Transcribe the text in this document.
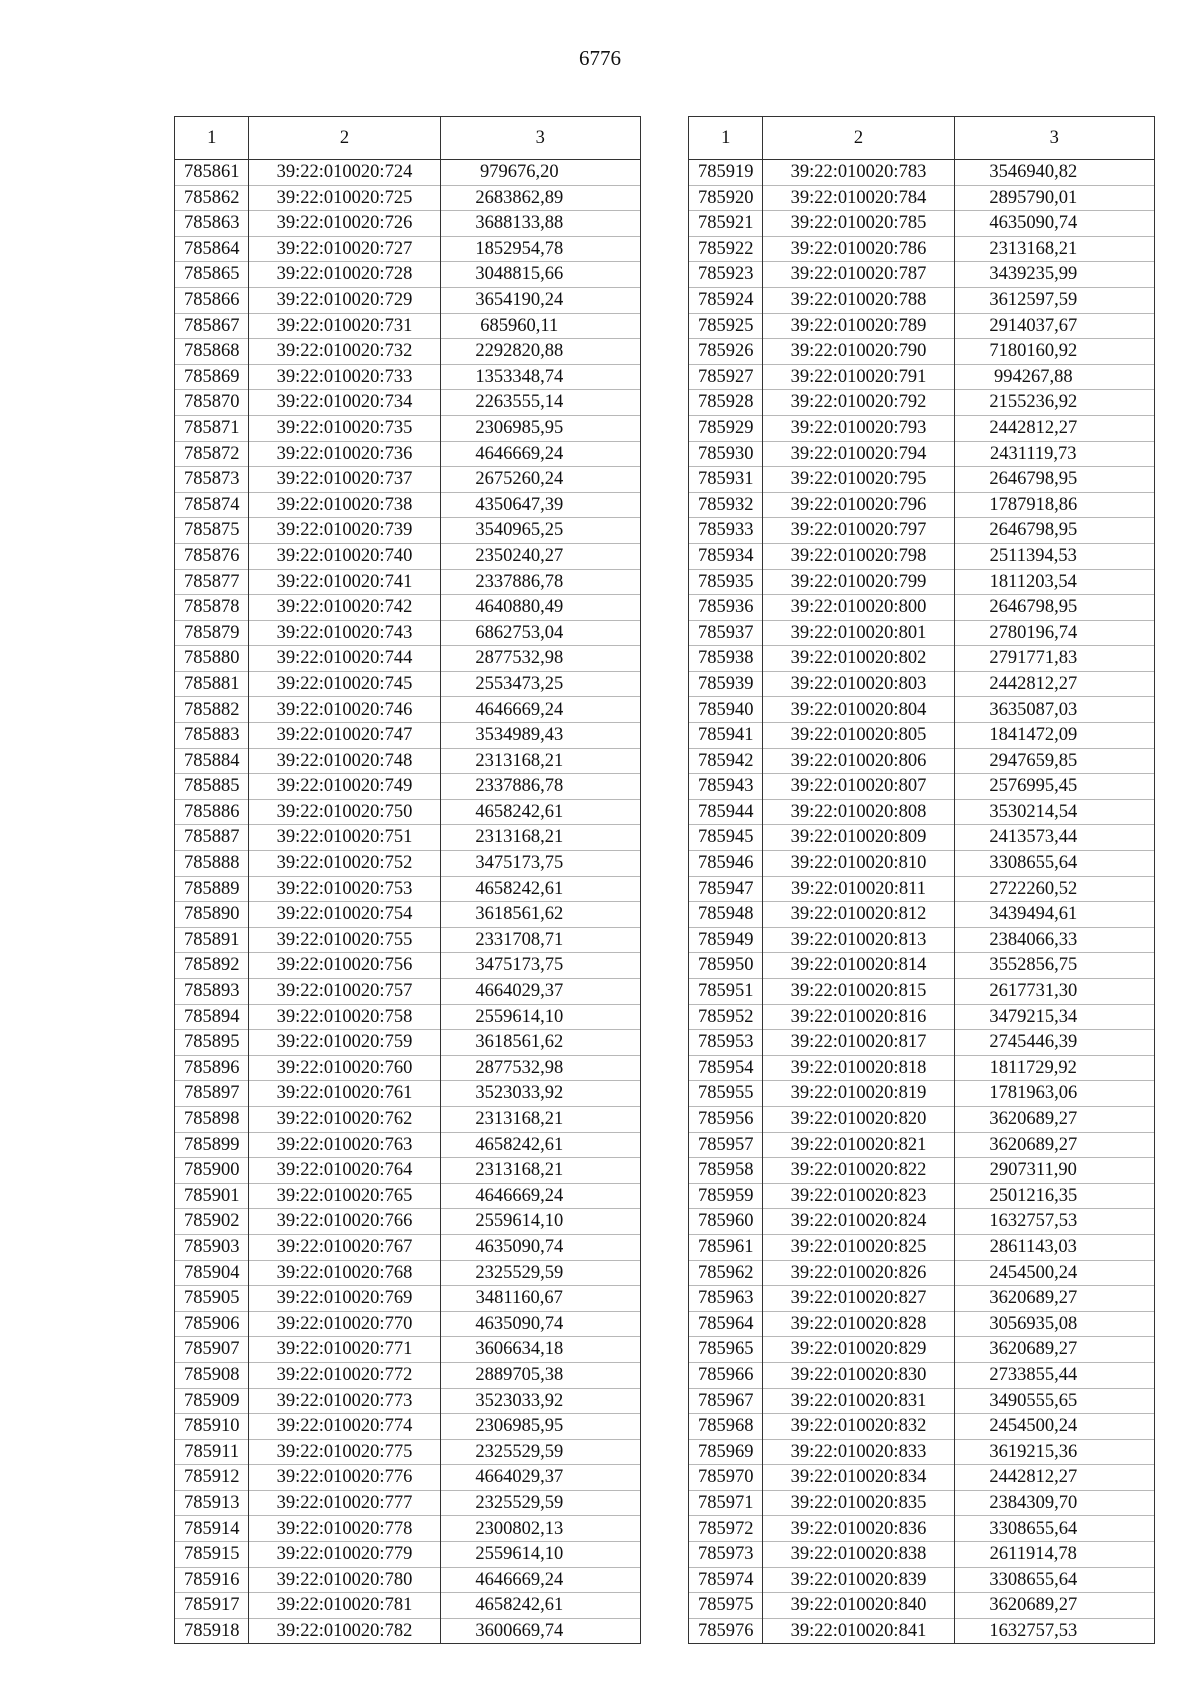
6776
1	2	3
785861	39:22:010020:724	979676,20
785862	39:22:010020:725	2683862,89
785863	39:22:010020:726	3688133,88
785864	39:22:010020:727	1852954,78
785865	39:22:010020:728	3048815,66
785866	39:22:010020:729	3654190,24
785867	39:22:010020:731	685960,11
785868	39:22:010020:732	2292820,88
785869	39:22:010020:733	1353348,74
785870	39:22:010020:734	2263555,14
785871	39:22:010020:735	2306985,95
785872	39:22:010020:736	4646669,24
785873	39:22:010020:737	2675260,24
785874	39:22:010020:738	4350647,39
785875	39:22:010020:739	3540965,25
785876	39:22:010020:740	2350240,27
785877	39:22:010020:741	2337886,78
785878	39:22:010020:742	4640880,49
785879	39:22:010020:743	6862753,04
785880	39:22:010020:744	2877532,98
785881	39:22:010020:745	2553473,25
785882	39:22:010020:746	4646669,24
785883	39:22:010020:747	3534989,43
785884	39:22:010020:748	2313168,21
785885	39:22:010020:749	2337886,78
785886	39:22:010020:750	4658242,61
785887	39:22:010020:751	2313168,21
785888	39:22:010020:752	3475173,75
785889	39:22:010020:753	4658242,61
785890	39:22:010020:754	3618561,62
785891	39:22:010020:755	2331708,71
785892	39:22:010020:756	3475173,75
785893	39:22:010020:757	4664029,37
785894	39:22:010020:758	2559614,10
785895	39:22:010020:759	3618561,62
785896	39:22:010020:760	2877532,98
785897	39:22:010020:761	3523033,92
785898	39:22:010020:762	2313168,21
785899	39:22:010020:763	4658242,61
785900	39:22:010020:764	2313168,21
785901	39:22:010020:765	4646669,24
785902	39:22:010020:766	2559614,10
785903	39:22:010020:767	4635090,74
785904	39:22:010020:768	2325529,59
785905	39:22:010020:769	3481160,67
785906	39:22:010020:770	4635090,74
785907	39:22:010020:771	3606634,18
785908	39:22:010020:772	2889705,38
785909	39:22:010020:773	3523033,92
785910	39:22:010020:774	2306985,95
785911	39:22:010020:775	2325529,59
785912	39:22:010020:776	4664029,37
785913	39:22:010020:777	2325529,59
785914	39:22:010020:778	2300802,13
785915	39:22:010020:779	2559614,10
785916	39:22:010020:780	4646669,24
785917	39:22:010020:781	4658242,61
785918	39:22:010020:782	3600669,74
1	2	3
785919	39:22:010020:783	3546940,82
785920	39:22:010020:784	2895790,01
785921	39:22:010020:785	4635090,74
785922	39:22:010020:786	2313168,21
785923	39:22:010020:787	3439235,99
785924	39:22:010020:788	3612597,59
785925	39:22:010020:789	2914037,67
785926	39:22:010020:790	7180160,92
785927	39:22:010020:791	994267,88
785928	39:22:010020:792	2155236,92
785929	39:22:010020:793	2442812,27
785930	39:22:010020:794	2431119,73
785931	39:22:010020:795	2646798,95
785932	39:22:010020:796	1787918,86
785933	39:22:010020:797	2646798,95
785934	39:22:010020:798	2511394,53
785935	39:22:010020:799	1811203,54
785936	39:22:010020:800	2646798,95
785937	39:22:010020:801	2780196,74
785938	39:22:010020:802	2791771,83
785939	39:22:010020:803	2442812,27
785940	39:22:010020:804	3635087,03
785941	39:22:010020:805	1841472,09
785942	39:22:010020:806	2947659,85
785943	39:22:010020:807	2576995,45
785944	39:22:010020:808	3530214,54
785945	39:22:010020:809	2413573,44
785946	39:22:010020:810	3308655,64
785947	39:22:010020:811	2722260,52
785948	39:22:010020:812	3439494,61
785949	39:22:010020:813	2384066,33
785950	39:22:010020:814	3552856,75
785951	39:22:010020:815	2617731,30
785952	39:22:010020:816	3479215,34
785953	39:22:010020:817	2745446,39
785954	39:22:010020:818	1811729,92
785955	39:22:010020:819	1781963,06
785956	39:22:010020:820	3620689,27
785957	39:22:010020:821	3620689,27
785958	39:22:010020:822	2907311,90
785959	39:22:010020:823	2501216,35
785960	39:22:010020:824	1632757,53
785961	39:22:010020:825	2861143,03
785962	39:22:010020:826	2454500,24
785963	39:22:010020:827	3620689,27
785964	39:22:010020:828	3056935,08
785965	39:22:010020:829	3620689,27
785966	39:22:010020:830	2733855,44
785967	39:22:010020:831	3490555,65
785968	39:22:010020:832	2454500,24
785969	39:22:010020:833	3619215,36
785970	39:22:010020:834	2442812,27
785971	39:22:010020:835	2384309,70
785972	39:22:010020:836	3308655,64
785973	39:22:010020:838	2611914,78
785974	39:22:010020:839	3308655,64
785975	39:22:010020:840	3620689,27
785976	39:22:010020:841	1632757,53
